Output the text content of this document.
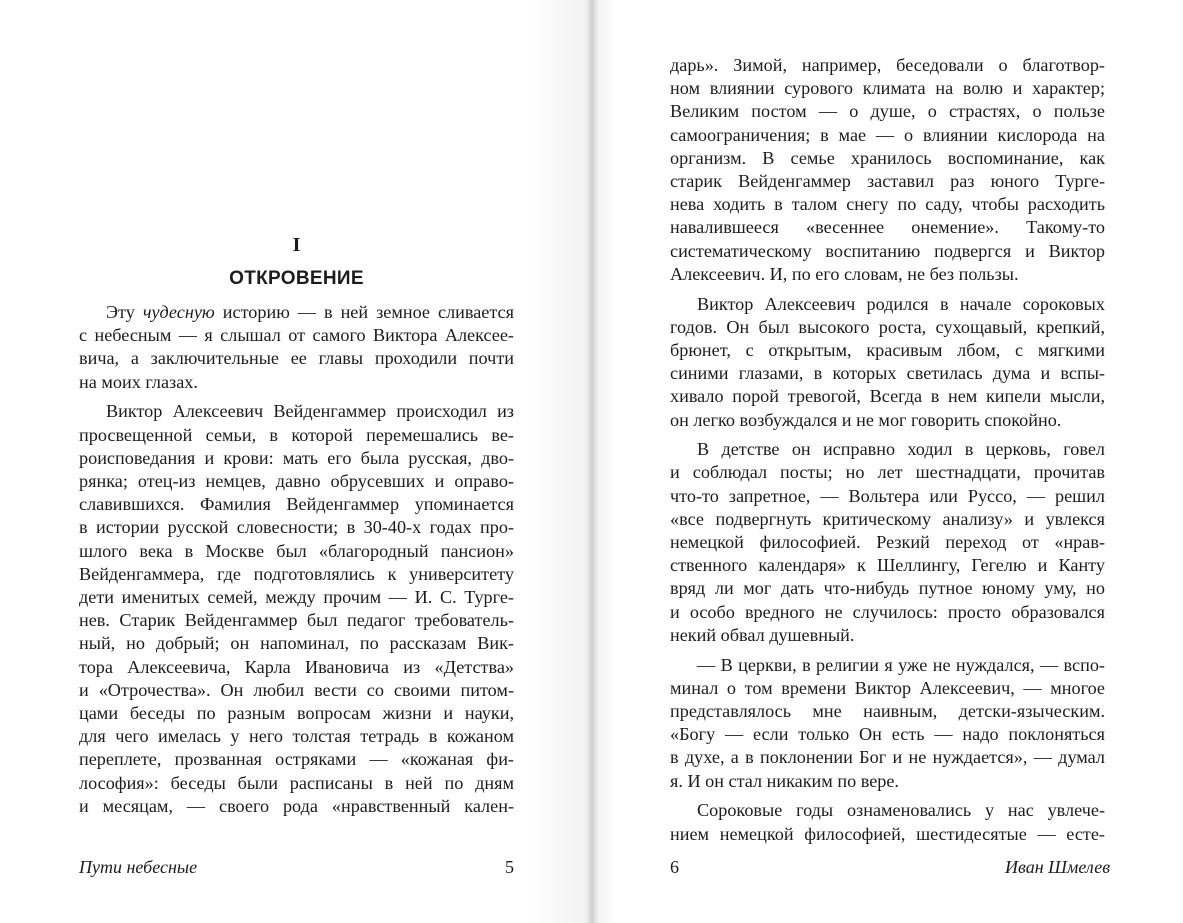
I
ОТКРОВЕНИЕ

Эту чудесную историю — в ней земное сливается
с небесным — я слышал от самого Виктора Алексее-
вича, а заключительные ее главы проходили почти
на моих глазах.

Виктор Алексеевич Вейденгаммер происходил из
просвещенной семьи, в которой перемешались ве-
роисповедания и крови: мать его была русская, дво-
рянка; отец-из немцев, давно обрусевших и оправо-
славившихся. Фамилия Вейденгаммер упоминается
в истории русской словесности; в 30-40-х годах про-
шлого века в Москве был «благородный пансион»
Вейденгаммера, где подготовлялись к университету
дети именитых семей, между прочим — И. С. Турге-
нев. Старик Вейденгаммер был педагог требователь-
ный, но добрый; он напоминал, по рассказам Вик-
тора Алексеевича, Карла Ивановича из «Детства»
и «Отрочества». Он любил вести со своими питом-
цами беседы по разным вопросам жизни и науки,
для чего имелась у него толстая тетрадь в кожаном
переплете, прозванная остряками — «кожаная фи-
лософия»: беседы были расписаны в ней по дням
и месяцам, — своего рода «нравственный кален-

дарь». Зимой, например, беседовали о благотвор-
ном влиянии сурового климата на волю и характер;
Великим постом — о душе, о страстях, о пользе
самоограничения; в мае — о влиянии кислорода на
организм. В семье хранилось воспоминание, как
старик Вейденгаммер заставил раз юного Турге-
нева ходить в талом снегу по саду, чтобы расходить
навалившееся «весеннее онемение». Такому-то
систематическому воспитанию подвергся и Виктор
Алексеевич. И, по его словам, не без пользы.

Виктор Алексеевич родился в начале сороковых
годов. Он был высокого роста, сухощавый, крепкий,
брюнет, с открытым, красивым лбом, с мягкими
синими глазами, в которых светилась дума и вспы-
хивало порой тревогой, Всегда в нем кипели мысли,
он легко возбуждался и не мог говорить спокойно.

В детстве он исправно ходил в церковь, говел
и соблюдал посты; но лет шестнадцати, прочитав
что-то запретное, — Вольтера или Руссо, — решил
«все подвергнуть критическому анализу» и увлекся
немецкой философией. Резкий переход от «нрав-
ственного календаря» к Шеллингу, Гегелю и Канту
вряд ли мог дать что-нибудь путное юному уму, но
и особо вредного не случилось: просто образовался
некий обвал душевный.

— В церкви, в религии я уже не нуждался, — вспо-
минал о том времени Виктор Алексеевич, — многое
представлялось мне наивным, детски-языческим.
«Богу — если только Он есть — надо поклоняться
в духе, а в поклонении Бог и не нуждается», — думал
я. И он стал никаким по вере.

Сороковые годы ознаменовались у нас увлече-
нием немецкой философией, шестидесятые — есте-

Пути небесные	5	6	Иван Шмелев
